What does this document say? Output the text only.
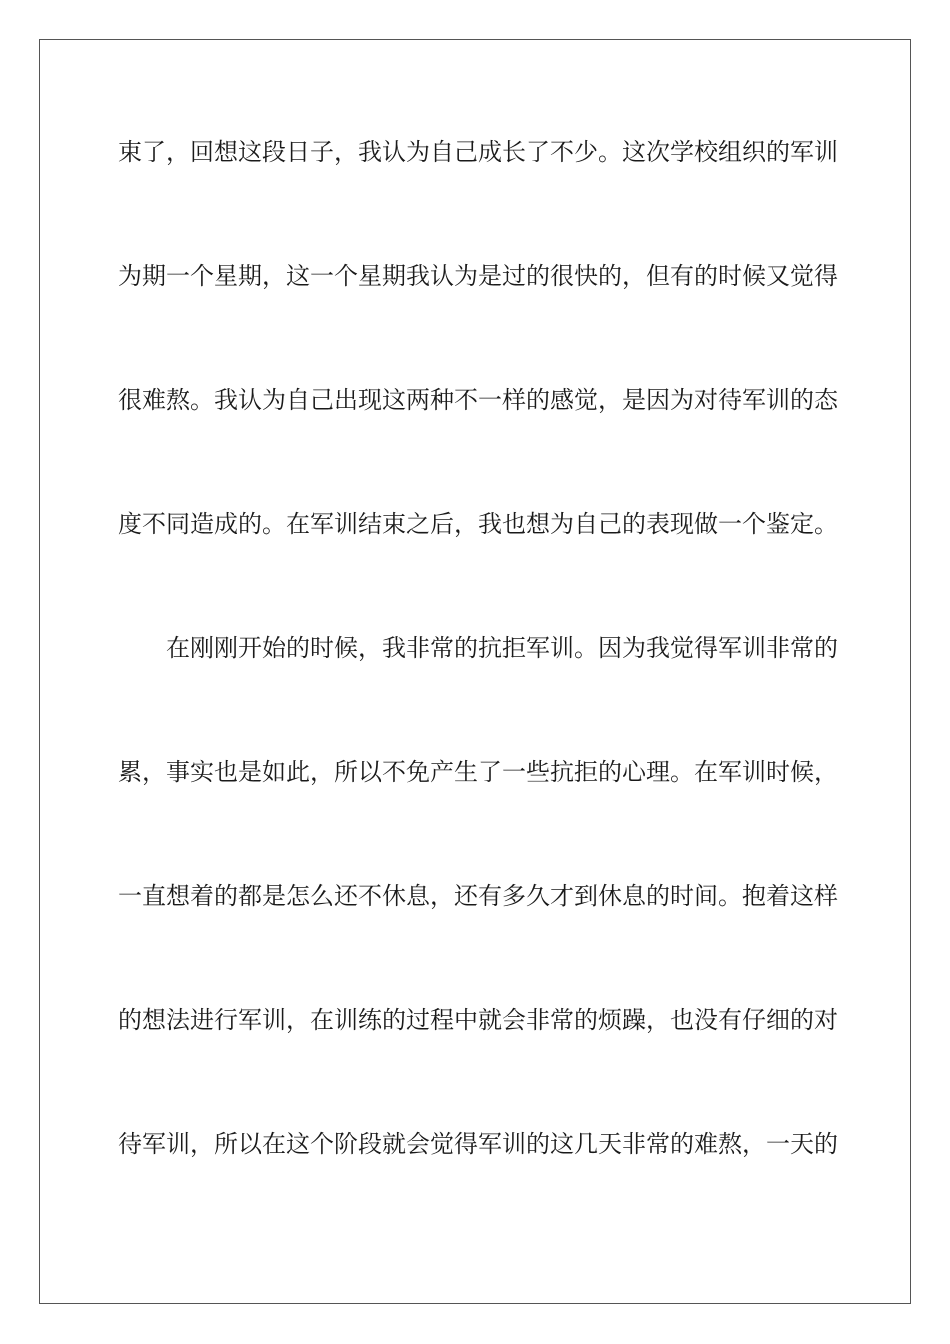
束了，回想这段日子，我认为自己成长了不少。这次学校组织的军训
为期一个星期，这一个星期我认为是过的很快的，但有的时候又觉得
很难熬。我认为自己出现这两种不一样的感觉，是因为对待军训的态
度不同造成的。在军训结束之后，我也想为自己的表现做一个鉴定。
在刚刚开始的时候，我非常的抗拒军训。因为我觉得军训非常的
累，事实也是如此，所以不免产生了一些抗拒的心理。在军训时候，
一直想着的都是怎么还不休息，还有多久才到休息的时间。抱着这样
的想法进行军训，在训练的过程中就会非常的烦躁，也没有仔细的对
待军训，所以在这个阶段就会觉得军训的这几天非常的难熬，一天的
